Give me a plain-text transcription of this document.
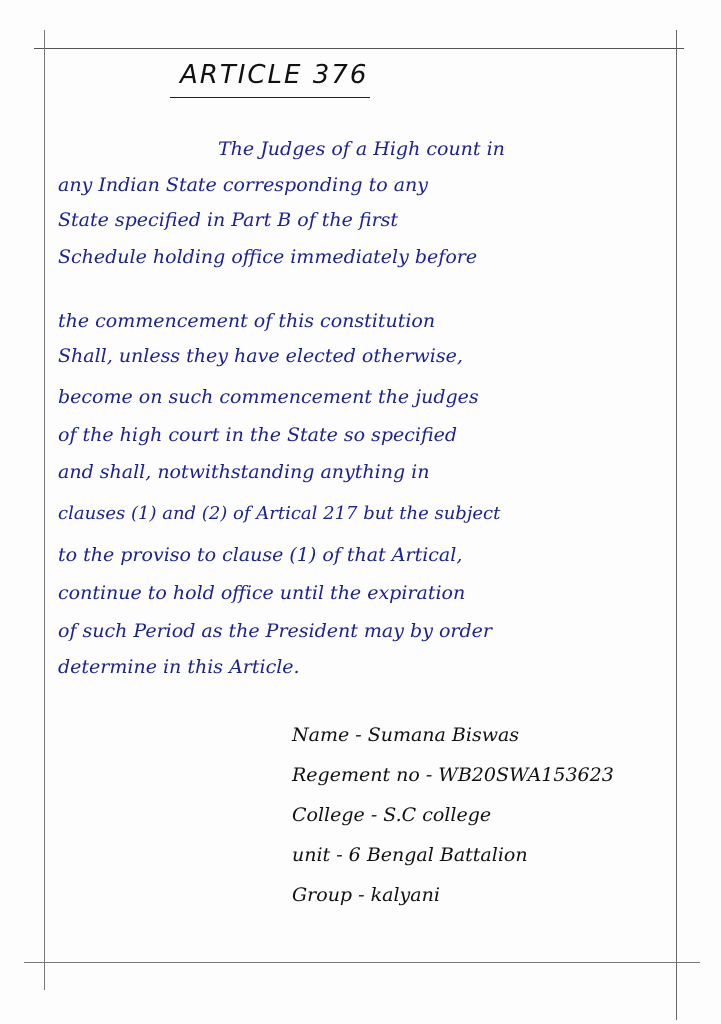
ARTICLE 376
The Judges of a High count in
any Indian State corresponding to any
State specified in Part B of the first
Schedule holding office immediately before
the commencement of this constitution
Shall, unless they have elected otherwise,
become on such commencement the judges
of the high court in the State so specified
and shall, notwithstanding anything in
clauses (1) and (2) of Artical 217 but the subject
to the proviso to clause (1) of that Artical,
continue to hold office until the expiration
of such Period as the President may by order
determine in this Article.
Name - Sumana Biswas
Regement no - WB20SWA153623
College - S.C college
unit - 6 Bengal Battalion
Group - kalyani
